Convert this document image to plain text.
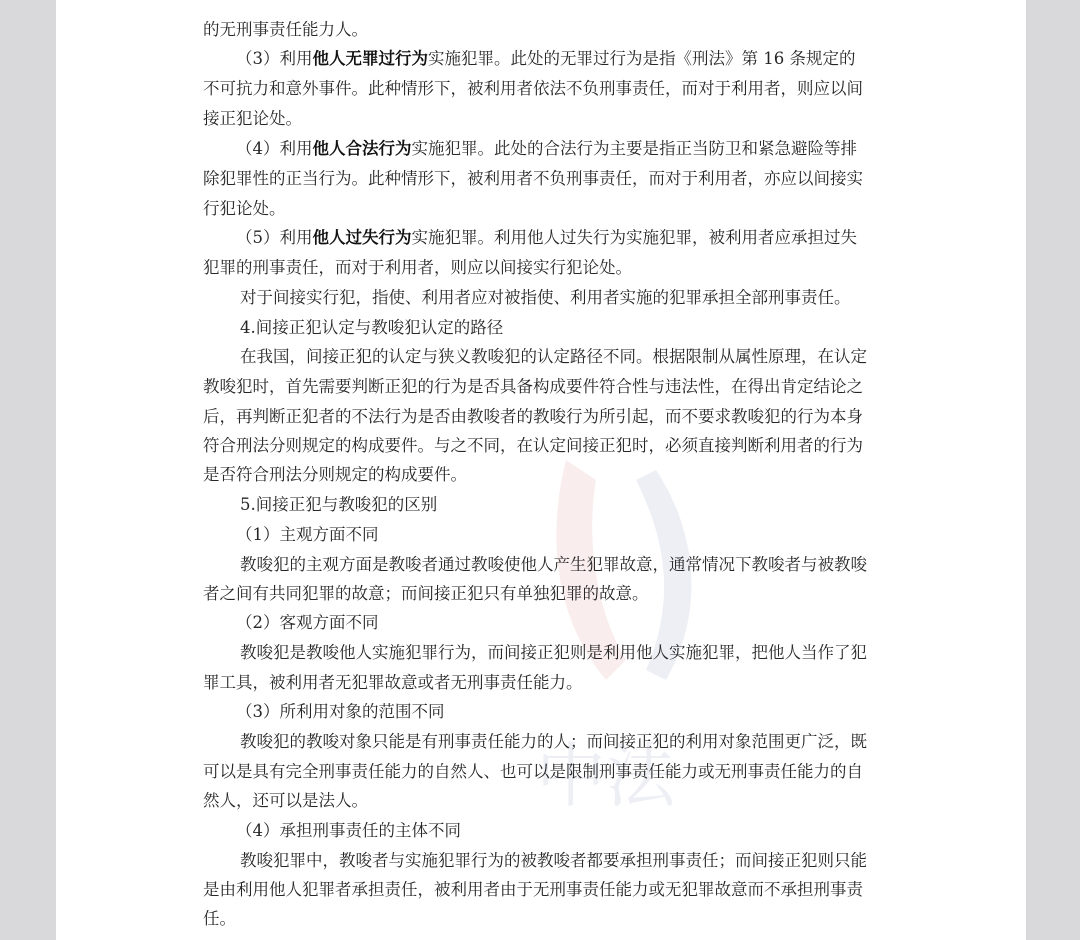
中法
的无刑事责任能力人。
（3）利用他人无罪过行为实施犯罪。此处的无罪过行为是指《刑法》第 16 条规定的
不可抗力和意外事件。此种情形下，被利用者依法不负刑事责任，而对于利用者，则应以间
接正犯论处。
（4）利用他人合法行为实施犯罪。此处的合法行为主要是指正当防卫和紧急避险等排
除犯罪性的正当行为。此种情形下，被利用者不负刑事责任，而对于利用者，亦应以间接实
行犯论处。
（5）利用他人过失行为实施犯罪。利用他人过失行为实施犯罪，被利用者应承担过失
犯罪的刑事责任，而对于利用者，则应以间接实行犯论处。
对于间接实行犯，指使、利用者应对被指使、利用者实施的犯罪承担全部刑事责任。
4.间接正犯认定与教唆犯认定的路径
在我国，间接正犯的认定与狭义教唆犯的认定路径不同。根据限制从属性原理，在认定
教唆犯时，首先需要判断正犯的行为是否具备构成要件符合性与违法性，在得出肯定结论之
后，再判断正犯者的不法行为是否由教唆者的教唆行为所引起，而不要求教唆犯的行为本身
符合刑法分则规定的构成要件。与之不同，在认定间接正犯时，必须直接判断利用者的行为
是否符合刑法分则规定的构成要件。
5.间接正犯与教唆犯的区别
（1）主观方面不同
教唆犯的主观方面是教唆者通过教唆使他人产生犯罪故意，通常情况下教唆者与被教唆
者之间有共同犯罪的故意；而间接正犯只有单独犯罪的故意。
（2）客观方面不同
教唆犯是教唆他人实施犯罪行为，而间接正犯则是利用他人实施犯罪，把他人当作了犯
罪工具，被利用者无犯罪故意或者无刑事责任能力。
（3）所利用对象的范围不同
教唆犯的教唆对象只能是有刑事责任能力的人；而间接正犯的利用对象范围更广泛，既
可以是具有完全刑事责任能力的自然人、也可以是限制刑事责任能力或无刑事责任能力的自
然人，还可以是法人。
（4）承担刑事责任的主体不同
教唆犯罪中，教唆者与实施犯罪行为的被教唆者都要承担刑事责任；而间接正犯则只能
是由利用他人犯罪者承担责任，被利用者由于无刑事责任能力或无犯罪故意而不承担刑事责
任。
